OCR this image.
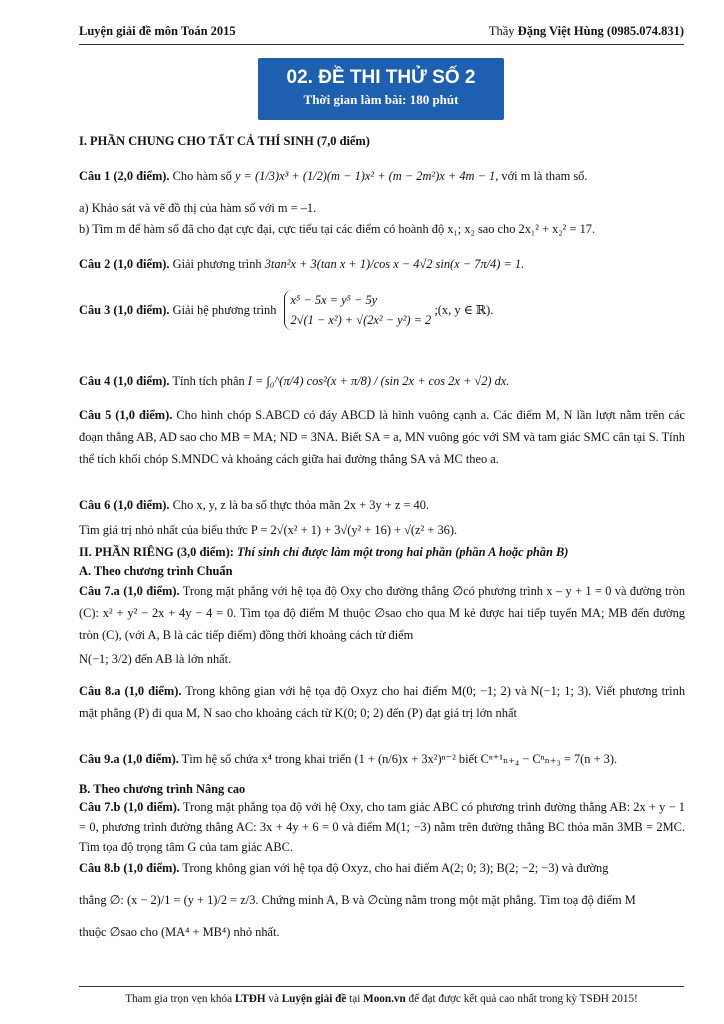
Luyện giải đề môn Toán 2015	Thầy Đặng Việt Hùng (0985.074.831)
02. ĐỀ THI THỬ SỐ 2
Thời gian làm bài: 180 phút
I. PHẦN CHUNG CHO TẤT CẢ THÍ SINH (7,0 điểm)
Câu 1 (2,0 điểm). Cho hàm số y = (1/3)x³ + (1/2)(m − 1)x² + (m − 2m²)x + 4m − 1, với m là tham số.
a) Khảo sát và vẽ đồ thị của hàm số với m = –1.
b) Tìm m để hàm số đã cho đạt cực đại, cực tiểu tại các điểm có hoành độ x₁; x₂ sao cho 2x₁² + x₂² = 17.
Câu 2 (1,0 điểm). Giải phương trình 3tan²x + 3(tan x + 1)/cos x − 4√2 sin(x − 7π/4) = 1.
Câu 3 (1,0 điểm). Giải hệ phương trình
x⁵ − 5x = y⁵ − 5y
2√(1 − x²) + √(2x² − y²) = 2
;(x, y ∈ ℝ).
Câu 4 (1,0 điểm). Tính tích phân I = ∫₀^(π/4) cos²(x + π/8) / (sin 2x + cos 2x + √2) dx.
Câu 5 (1,0 điểm). Cho hình chóp S.ABCD có đáy ABCD là hình vuông cạnh a. Các điểm M, N lần lượt nằm trên các đoạn thẳng AB, AD sao cho MB = MA; ND = 3NA. Biết SA = a, MN vuông góc với SM và tam giác SMC cân tại S. Tính thể tích khối chóp S.MNDC và khoảng cách giữa hai đường thẳng SA và MC theo a.
Câu 6 (1,0 điểm). Cho x, y, z là ba số thực thỏa mãn 2x + 3y + z = 40.
Tìm giá trị nhỏ nhất của biểu thức P = 2√(x² + 1) + 3√(y² + 16) + √(z² + 36).
II. PHẦN RIÊNG (3,0 điểm): Thí sinh chỉ được làm một trong hai phần (phần A hoặc phần B)
A. Theo chương trình Chuẩn
Câu 7.a (1,0 điểm). Trong mặt phẳng với hệ tọa độ Oxy cho đường thẳng ∅có phương trình x – y + 1 = 0 và đường tròn (C): x² + y² − 2x + 4y − 4 = 0. Tìm tọa độ điểm M thuộc ∅sao cho qua M kẻ được hai tiếp tuyến MA; MB đến đường tròn (C), (với A, B là các tiếp điểm) đồng thời khoảng cách từ điểm
N(−1; 3/2) đến AB là lớn nhất.
Câu 8.a (1,0 điểm). Trong không gian với hệ tọa độ Oxyz cho hai điểm M(0; −1; 2) và N(−1; 1; 3). Viết phương trình mặt phẳng (P) đi qua M, N sao cho khoảng cách từ K(0; 0; 2) đến (P) đạt giá trị lớn nhất
Câu 9.a (1,0 điểm). Tìm hệ số chứa x⁴ trong khai triển (1 + (n/6)x + 3x²)ⁿ⁻² biết Cⁿ⁺¹ₙ₊₄ − Cⁿₙ₊₃ = 7(n + 3).
B. Theo chương trình Nâng cao
Câu 7.b (1,0 điểm). Trong mặt phẳng tọa độ với hệ Oxy, cho tam giác ABC có phương trình đường thẳng AB: 2x + y − 1 = 0, phương trình đường thẳng AC: 3x + 4y + 6 = 0 và điểm M(1; −3) nằm trên đường thẳng BC thỏa mãn 3MB = 2MC. Tìm tọa độ trọng tâm G của tam giác ABC.
Câu 8.b (1,0 điểm). Trong không gian với hệ tọa độ Oxyz, cho hai điểm A(2; 0; 3); B(2; −2; −3) và đường
thẳng ∅: (x − 2)/1 = (y + 1)/2 = z/3. Chứng minh A, B và ∅cùng nằm trong một mặt phẳng. Tìm toạ độ điểm M
thuộc ∅sao cho (MA⁴ + MB⁴) nhỏ nhất.
Tham gia trọn vẹn khóa LTĐH và Luyện giải đề tại Moon.vn để đạt được kết quả cao nhất trong kỳ TSĐH 2015!
